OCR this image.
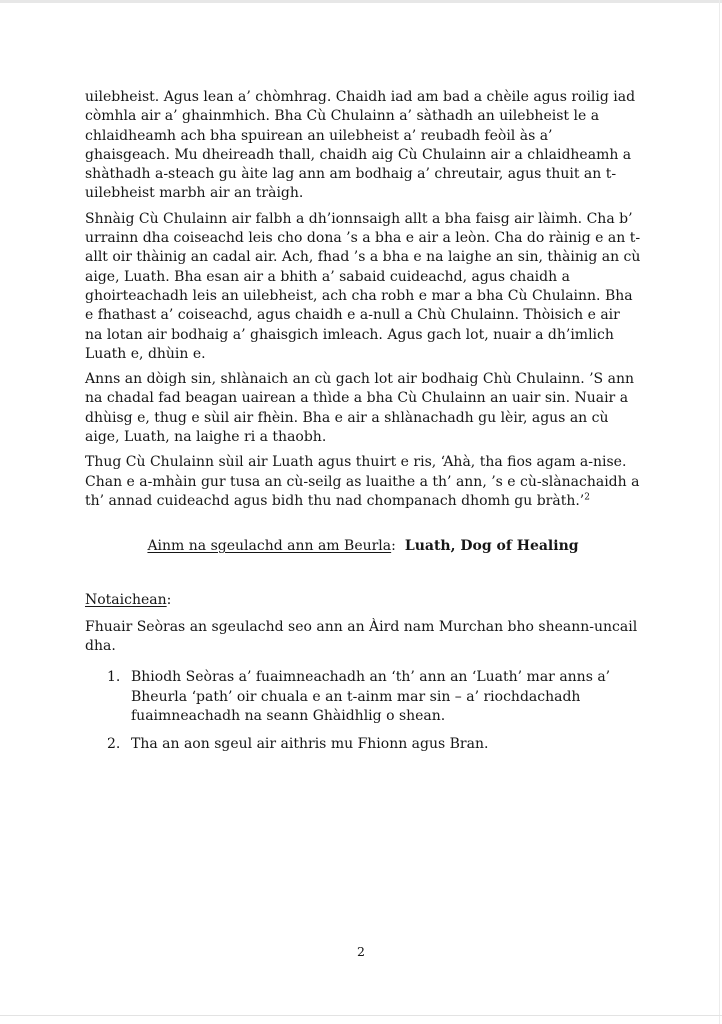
uilebheist. Agus lean a’ chòmhrag. Chaidh iad am bad a chèile agus roilig iad còmhla air a’ ghainmhich. Bha Cù Chulainn a’ sàthadh an uilebheist le a chlaidheamh ach bha spuirean an uilebheist a’ reubadh feòil às a’ ghaisgeach. Mu dheireadh thall, chaidh aig Cù Chulainn air a chlaidheamh a shàthadh a-steach gu àite lag ann am bodhaig a’ chreutair, agus thuit an t-uilebheist marbh air an tràigh.

Shnàig Cù Chulainn air falbh a dh’ionnsaigh allt a bha faisg air làimh. Cha b’ urrainn dha coiseachd leis cho dona ’s a bha e air a leòn. Cha do ràinig e an t-allt oir thàinig an cadal air. Ach, fhad ’s a bha e na laighe an sin, thàinig an cù aige, Luath. Bha esan air a bhith a’ sabaid cuideachd, agus chaidh a ghoirteachadh leis an uilebheist, ach cha robh e mar a bha Cù Chulainn. Bha e fhathast a’ coiseachd, agus chaidh e a-null a Chù Chulainn. Thòisich e air na lotan air bodhaig a’ ghaisgich imleach. Agus gach lot, nuair a dh’imlich Luath e, dhùin e.

Anns an dòigh sin, shlànaich an cù gach lot air bodhaig Chù Chulainn. ’S ann na chadal fad beagan uairean a thìde a bha Cù Chulainn an uair sin. Nuair a dhùisg e, thug e sùil air fhèin. Bha e air a shlànachadh gu lèir, agus an cù aige, Luath, na laighe ri a thaobh.

Thug Cù Chulainn sùil air Luath agus thuirt e ris, ‘Ahà, tha fios agam a-nise. Chan e a-mhàin gur tusa an cù-seilg as luaithe a th’ ann, ’s e cù-slànachaidh a th’ annad cuideachd agus bidh thu nad chompanach dhomh gu bràth.’$^2$

Ainm na sgeulachd ann am Beurla: Luath, Dog of Healing
Notaichean:

Fhuair Seòras an sgeulachd seo ann an Àird nam Murchan bho sheann-uncail dha.

1. Bhiodh Seòras a’ fuaimneachadh an ‘th’ ann an ‘Luath’ mar anns a’ Bheurla ‘path’ oir chuala e an t-ainm mar sin – a’ riochdachadh fuaimneachadh na seann Ghàidhlig o shean.
2. Tha an aon sgeul air aithris mu Fhionn agus Bran.
2
